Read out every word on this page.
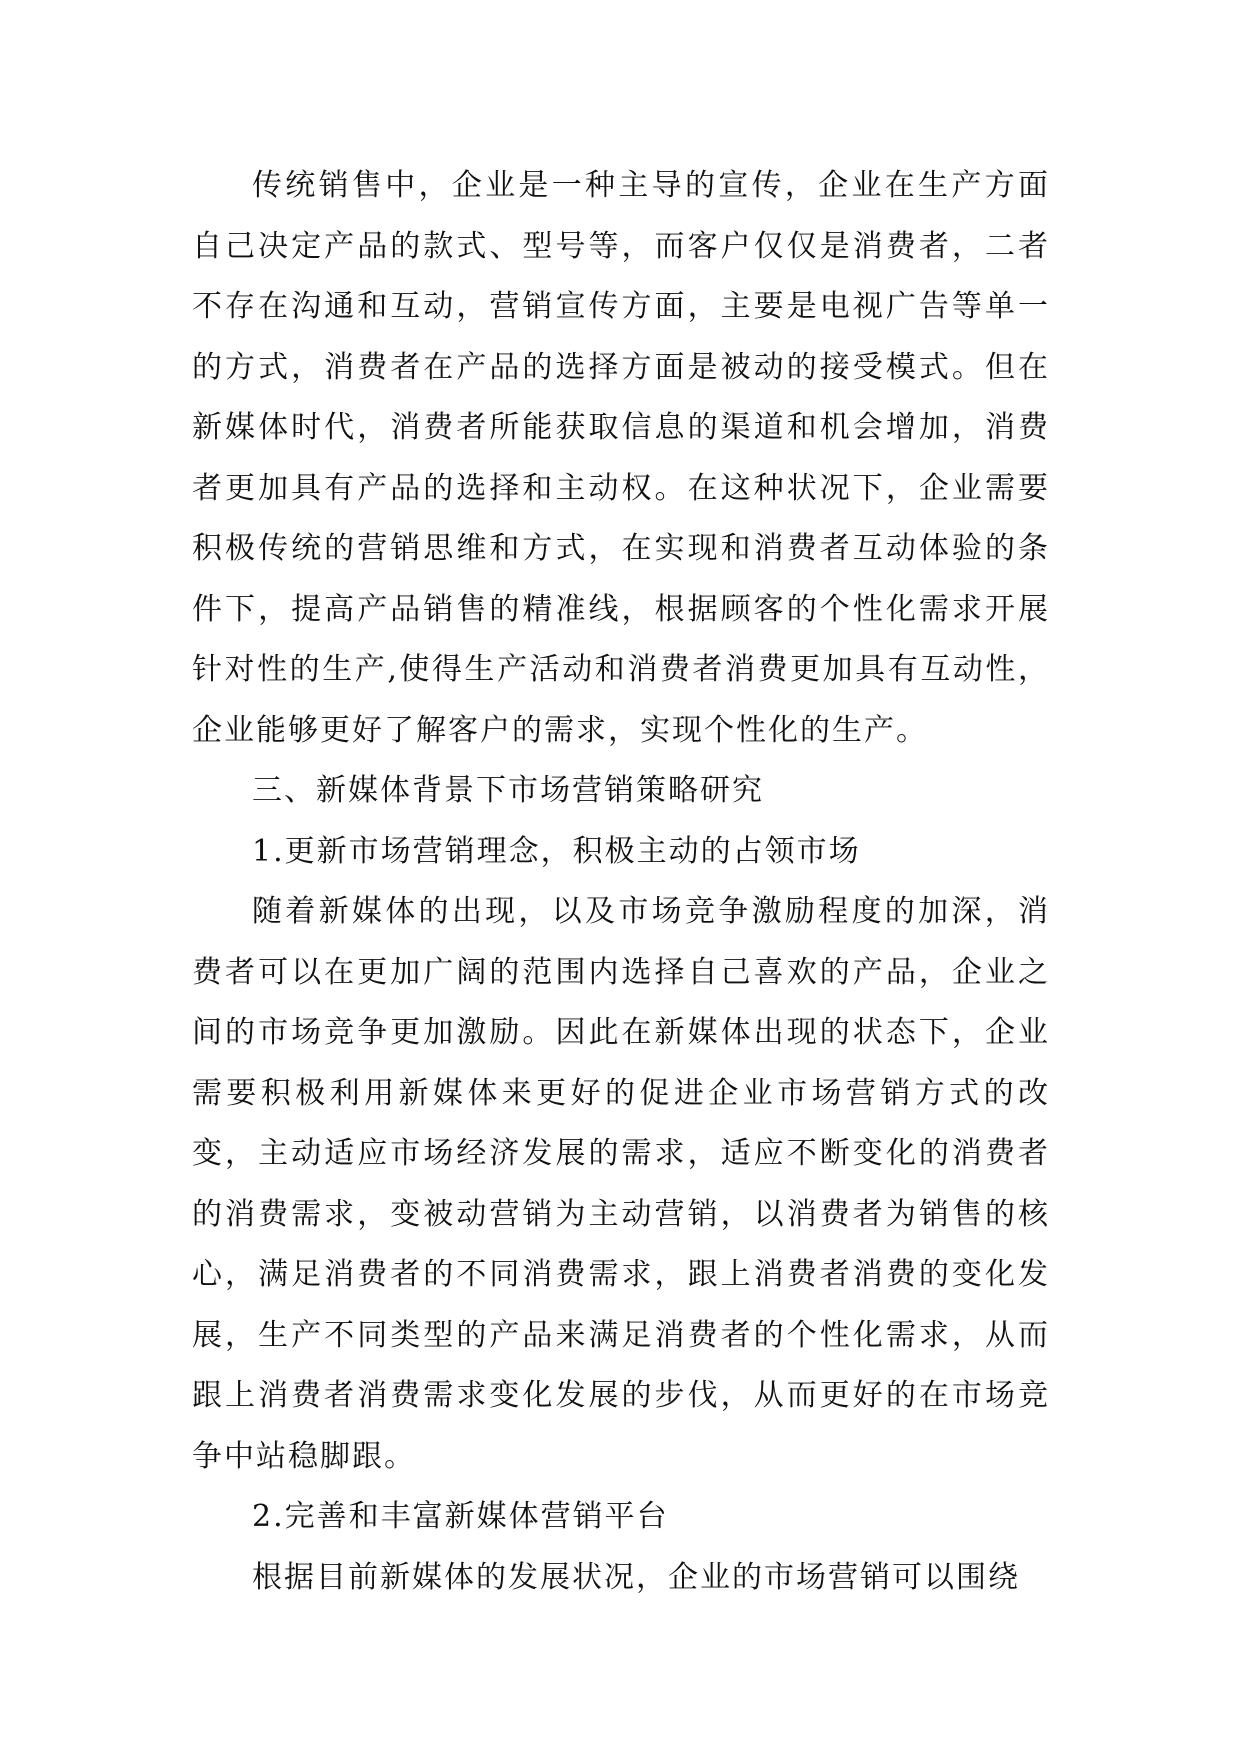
传统销售中，企业是一种主导的宣传，企业在生产方面自己决定产品的款式、型号等，而客户仅仅是消费者，二者不存在沟通和互动，营销宣传方面，主要是电视广告等单一的方式，消费者在产品的选择方面是被动的接受模式。但在新媒体时代，消费者所能获取信息的渠道和机会增加，消费者更加具有产品的选择和主动权。在这种状况下，企业需要积极传统的营销思维和方式，在实现和消费者互动体验的条件下，提高产品销售的精准线，根据顾客的个性化需求开展针对性的生产,使得生产活动和消费者消费更加具有互动性，企业能够更好了解客户的需求，实现个性化的生产。

三、新媒体背景下市场营销策略研究

1.更新市场营销理念，积极主动的占领市场

随着新媒体的出现，以及市场竞争激励程度的加深，消费者可以在更加广阔的范围内选择自己喜欢的产品，企业之间的市场竞争更加激励。因此在新媒体出现的状态下，企业需要积极利用新媒体来更好的促进企业市场营销方式的改变，主动适应市场经济发展的需求，适应不断变化的消费者的消费需求，变被动营销为主动营销，以消费者为销售的核心，满足消费者的不同消费需求，跟上消费者消费的变化发展，生产不同类型的产品来满足消费者的个性化需求，从而跟上消费者消费需求变化发展的步伐，从而更好的在市场竞争中站稳脚跟。

2.完善和丰富新媒体营销平台

根据目前新媒体的发展状况，企业的市场营销可以围绕
